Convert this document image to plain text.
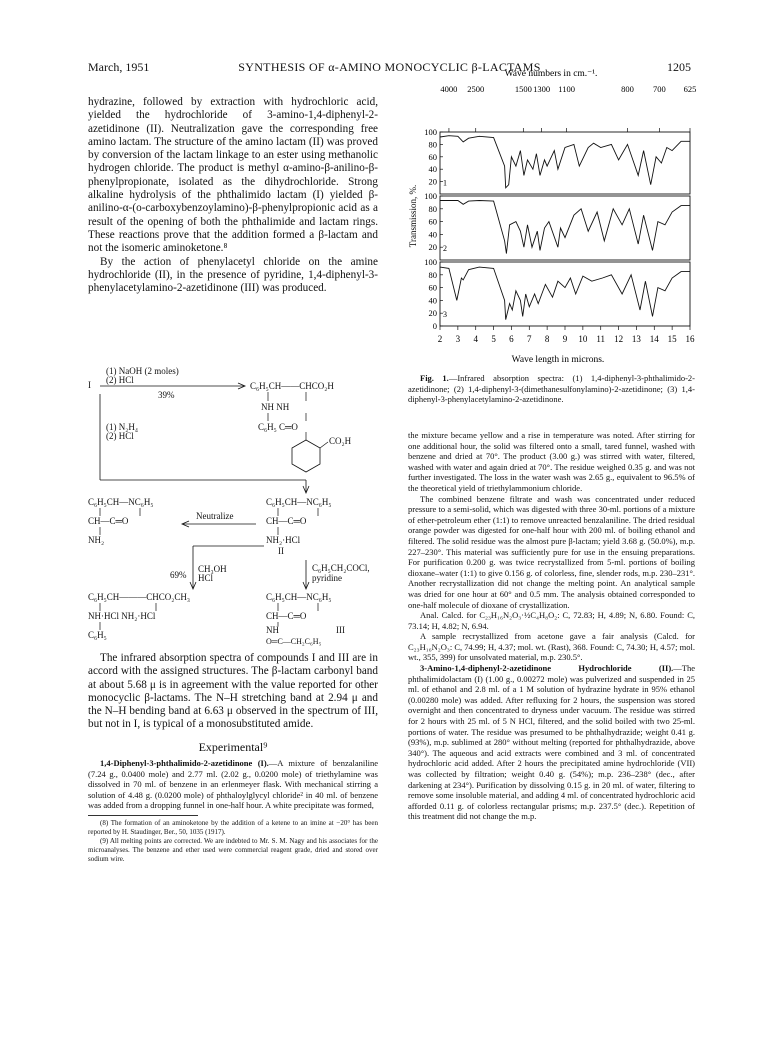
March, 1951	SYNTHESIS OF α-AMINO MONOCYCLIC β-LACTAMS	1205

hydrazine, followed by extraction with hydrochloric acid, yielded the hydrochloride of 3-amino-1,4-diphenyl-2-azetidinone (II). Neutralization gave the corresponding free amino lactam. The structure of the amino lactam (II) was proved by conversion of the lactam linkage to an ester using methanolic hydrogen chloride. The product is methyl α-amino-β-anilino-β-phenylpropionate, isolated as the dihydrochloride. Strong alkaline hydrolysis of the phthalimido lactam (I) yielded β-anilino-α-(o-carboxybenzoylamino)-β-phenylpropionic acid as a result of the opening of both the phthalimide and lactam rings. These reactions prove that the addition formed a β-lactam and not the isomeric aminoketone.⁸

By the action of phenylacetyl chloride on the amine hydrochloride (II), in the presence of pyridine, 1,4-diphenyl-3-phenylacetylamino-2-azetidinone (III) was produced.

I
(1) NaOH (2 moles)
(2) HCl
39%
C₆H₅CH——CHCO₂H
NH NH
C₆H₅ C═O
CO₂H
(1) N₂H₄
(2) HCl
C₆H₅CH—NC₆H₅
CH—C═O
NH₂
Neutralize
C₆H₅CH—NC₆H₅
CH—C═O
NH₂·HCl
II
C₆H₅CH₂COCl,
pyridine
CH₃OH
HCl
69%
C₆H₅CH———CHCO₂CH₃
NH·HCl NH₂·HCl
C₆H₅
C₆H₅CH—NC₆H₅
CH—C═O
NH
O═C—CH₂C₆H₅
III

The infrared absorption spectra of compounds I and III are in accord with the assigned structures. The β-lactam carbonyl band at about 5.68 μ is in agreement with the value reported for other monocyclic β-lactams. The N–H stretching band at 2.94 μ and the N–H bending band at 6.63 μ observed in the spectrum of III, but not in I, is typical of a monosubstituted amide.

Experimental⁹

1,4-Diphenyl-3-phthalimido-2-azetidinone (I).—A mixture of benzalaniline (7.24 g., 0.0400 mole) and 2.77 ml. (2.02 g., 0.0200 mole) of triethylamine was dissolved in 70 ml. of benzene in an erlenmeyer flask. With mechanical stirring a solution of 4.48 g. (0.0200 mole) of phthaloylglycyl chloride² in 40 ml. of benzene was added from a dropping funnel in one-half hour. A white precipitate was formed,

(8) The formation of an aminoketone by the addition of a ketene to an imine at −20° has been reported by H. Staudinger, Ber., 50, 1035 (1917).

(9) All melting points are corrected. We are indebted to Mr. S. M. Nagy and his associates for the microanalyses. The benzene and ether used were commercial reagent grade, dried and stored over sodium wire.

Wave numbers in cm.⁻¹.
4000 2500	1500 1300 1100	800 700 625
Transmission, %.
100
80
60
40
20 1
100
80
60
40
20 2
100
80
60
40
20
0
3
2 3 4 5 6 7 8 9 10 11 12 13 14 15 16
Wave length in microns.

Fig. 1.—Infrared absorption spectra: (1) 1,4-diphenyl-3-phthalimido-2-azetidinone; (2) 1,4-diphenyl-3-(dimethanesulfonylamino)-2-azetidinone; (3) 1,4-diphenyl-3-phenylacetylamino-2-azetidinone.

the mixture became yellow and a rise in temperature was noted. After stirring for one additional hour, the solid was filtered onto a small, tared funnel, washed with benzene and dried at 70°. The product (3.00 g.) was stirred with water, filtered, washed with water and again dried at 70°. The residue weighed 0.35 g. and was not further investigated. The loss in the water wash was 2.65 g., equivalent to 96.5% of the theoretical yield of triethylammonium chloride.

The combined benzene filtrate and wash was concentrated under reduced pressure to a semi-solid, which was digested with three 30-ml. portions of a mixture of ether-petroleum ether (1:1) to remove unreacted benzalaniline. The dried residual orange powder was digested for one-half hour with 200 ml. of boiling ethanol and filtered. The solid residue was the almost pure β-lactam; yield 3.68 g. (50.0%), m.p. 227–230°. This material was sufficiently pure for use in the ensuing preparations. For purification 0.200 g. was twice recrystallized from 5-ml. portions of boiling dioxane–water (1:1) to give 0.156 g. of colorless, fine, slender rods, m.p. 230–231°. Another recrystallization did not change the melting point. An analytical sample was dried for one hour at 60° and 0.5 mm. The analysis obtained corresponded to one-half molecule of dioxane of crystallization.

Anal. Calcd. for C₂₃H₁₆N₂O₃·½C₄H₈O₂: C, 72.83; H, 4.89; N, 6.80. Found: C, 73.14; H, 4.82; N, 6.94.

A sample recrystallized from acetone gave a fair analysis (Calcd. for C₂₃H₁₆N₂O₃: C, 74.99; H, 4.37; mol. wt. (Rast), 368. Found: C, 74.30; H, 4.57; mol. wt., 355, 399) for unsolvated material, m.p. 230.5°.

3-Amino-1,4-diphenyl-2-azetidinone Hydrochloride (II).—The phthalimidolactam (I) (1.00 g., 0.00272 mole) was pulverized and suspended in 25 ml. of ethanol and 2.8 ml. of a 1 M solution of hydrazine hydrate in 95% ethanol (0.00280 mole) was added. After refluxing for 2 hours, the suspension was stored overnight and then concentrated to dryness under vacuum. The residue was stirred for 2 hours with 25 ml. of 5 N HCl, filtered, and the solid boiled with two 25-ml. portions of water. The residue was presumed to be phthalhydrazide; weight 0.41 g. (93%), m.p. sublimed at 280° without melting (reported for phthalhydrazide, above 340°). The aqueous and acid extracts were combined and 3 ml. of concentrated hydrochloric acid added. After 2 hours the precipitated amine hydrochloride (VII) was collected by filtration; weight 0.40 g. (54%); m.p. 236–238° (dec., after darkening at 234°). Purification by dissolving 0.15 g. in 20 ml. of water, filtering to remove some insoluble material, and adding 4 ml. of concentrated hydrochloric acid afforded 0.11 g. of colorless rectangular prisms; m.p. 237.5° (dec.). Repetition of this treatment did not change the m.p.
